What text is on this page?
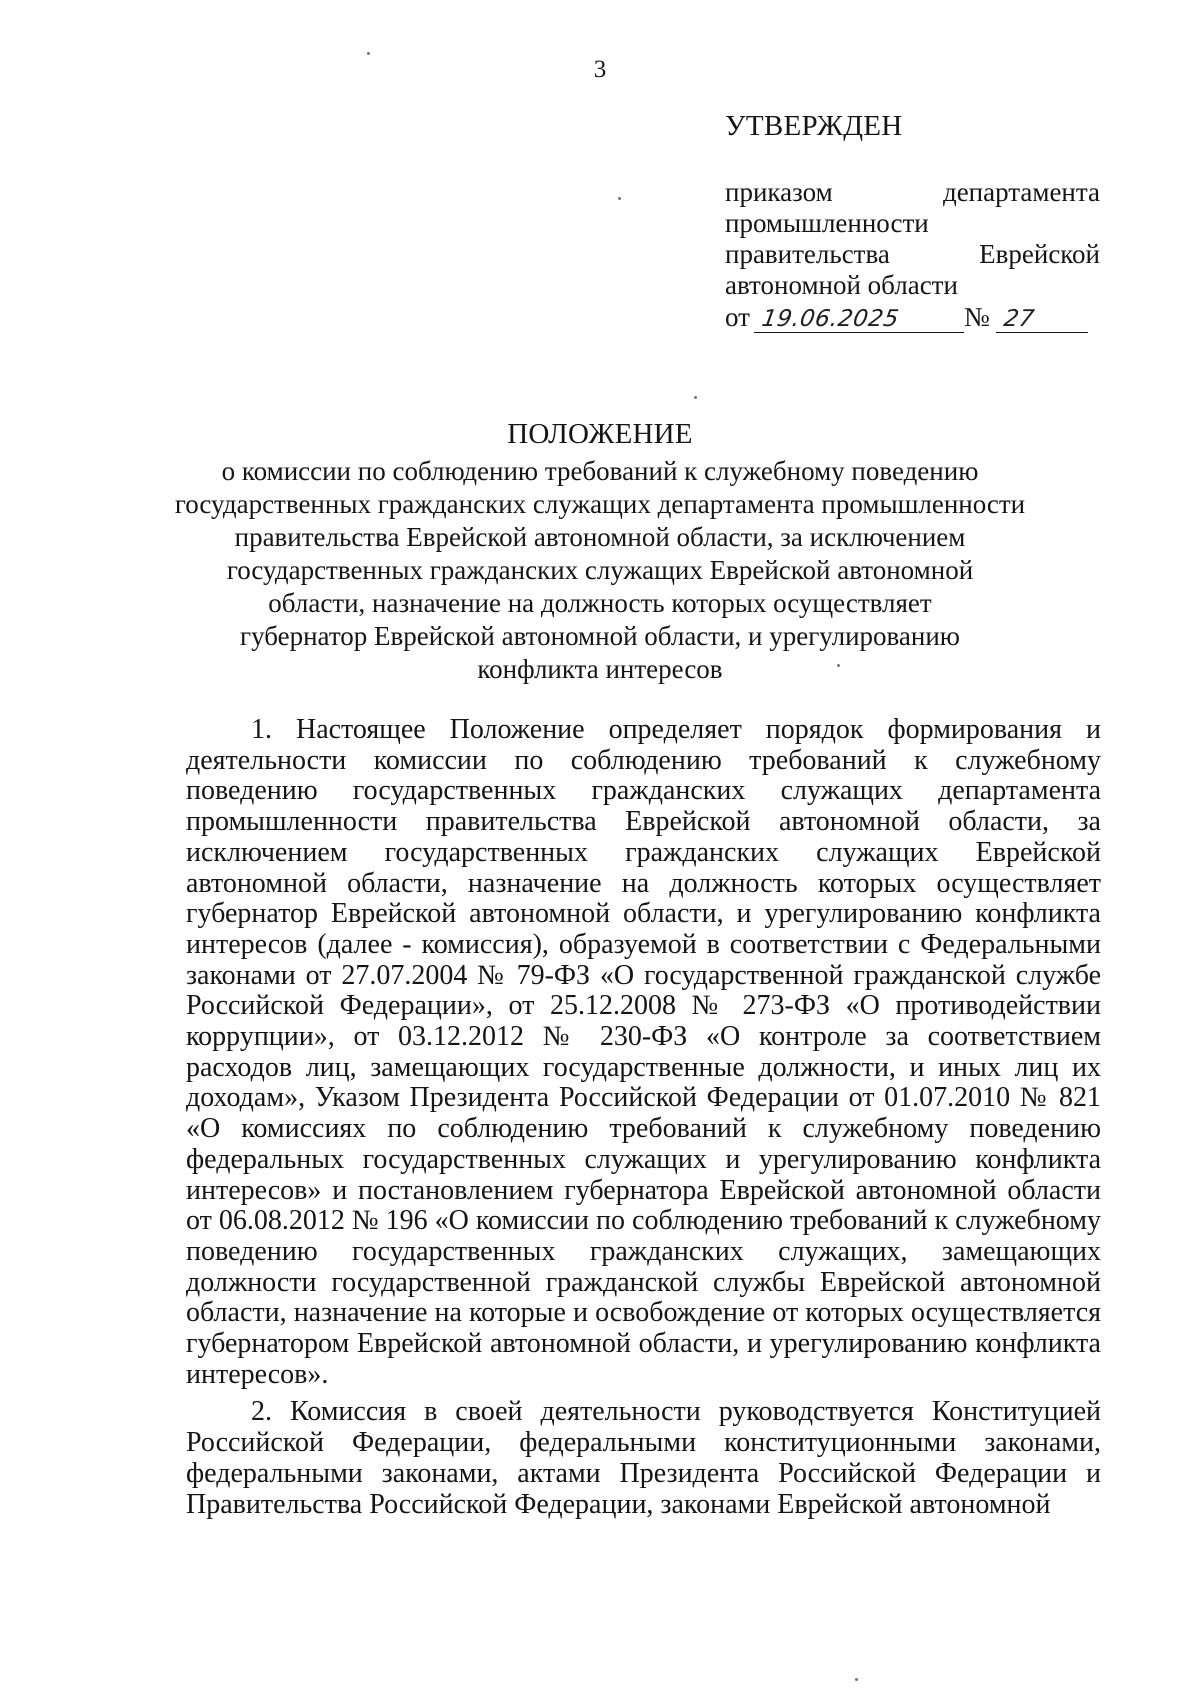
3
УТВЕРЖДЕН
приказом	департамента
промышленности
правительства	Еврейской
автономной области
от 19.06.2025 № 27
ПОЛОЖЕНИЕ
о комиссии по соблюдению требований к служебному поведению
государственных гражданских служащих департамента промышленности
правительства Еврейской автономной области, за исключением
государственных гражданских служащих Еврейской автономной
области, назначение на должность которых осуществляет
губернатор Еврейской автономной области, и урегулированию
конфликта интересов

1. Настоящее Положение определяет порядок формирования и деятельности комиссии по соблюдению требований к служебному поведению государственных гражданских служащих департамента промышленности правительства Еврейской автономной области, за исключением государственных гражданских служащих Еврейской автономной области, назначение на должность которых осуществляет губернатор Еврейской автономной области, и урегулированию конфликта интересов (далее - комиссия), образуемой в соответствии с Федеральными законами от 27.07.2004 № 79-ФЗ «О государственной гражданской службе Российской Федерации», от 25.12.2008 № 273-ФЗ «О противодействии коррупции», от 03.12.2012 № 230-ФЗ «О контроле за соответствием расходов лиц, замещающих государственные должности, и иных лиц их доходам», Указом Президента Российской Федерации от 01.07.2010 № 821 «О комиссиях по соблюдению требований к служебному поведению федеральных государственных служащих и урегулированию конфликта интересов» и постановлением губернатора Еврейской автономной области от 06.08.2012 № 196 «О комиссии по соблюдению требований к служебному поведению государственных гражданских служащих, замещающих должности государственной гражданской службы Еврейской автономной области, назначение на которые и освобождение от которых осуществляется губернатором Еврейской автономной области, и урегулированию конфликта интересов».

2. Комиссия в своей деятельности руководствуется Конституцией Российской Федерации, федеральными конституционными законами, федеральными законами, актами Президента Российской Федерации и Правительства Российской Федерации, законами Еврейской автономной
